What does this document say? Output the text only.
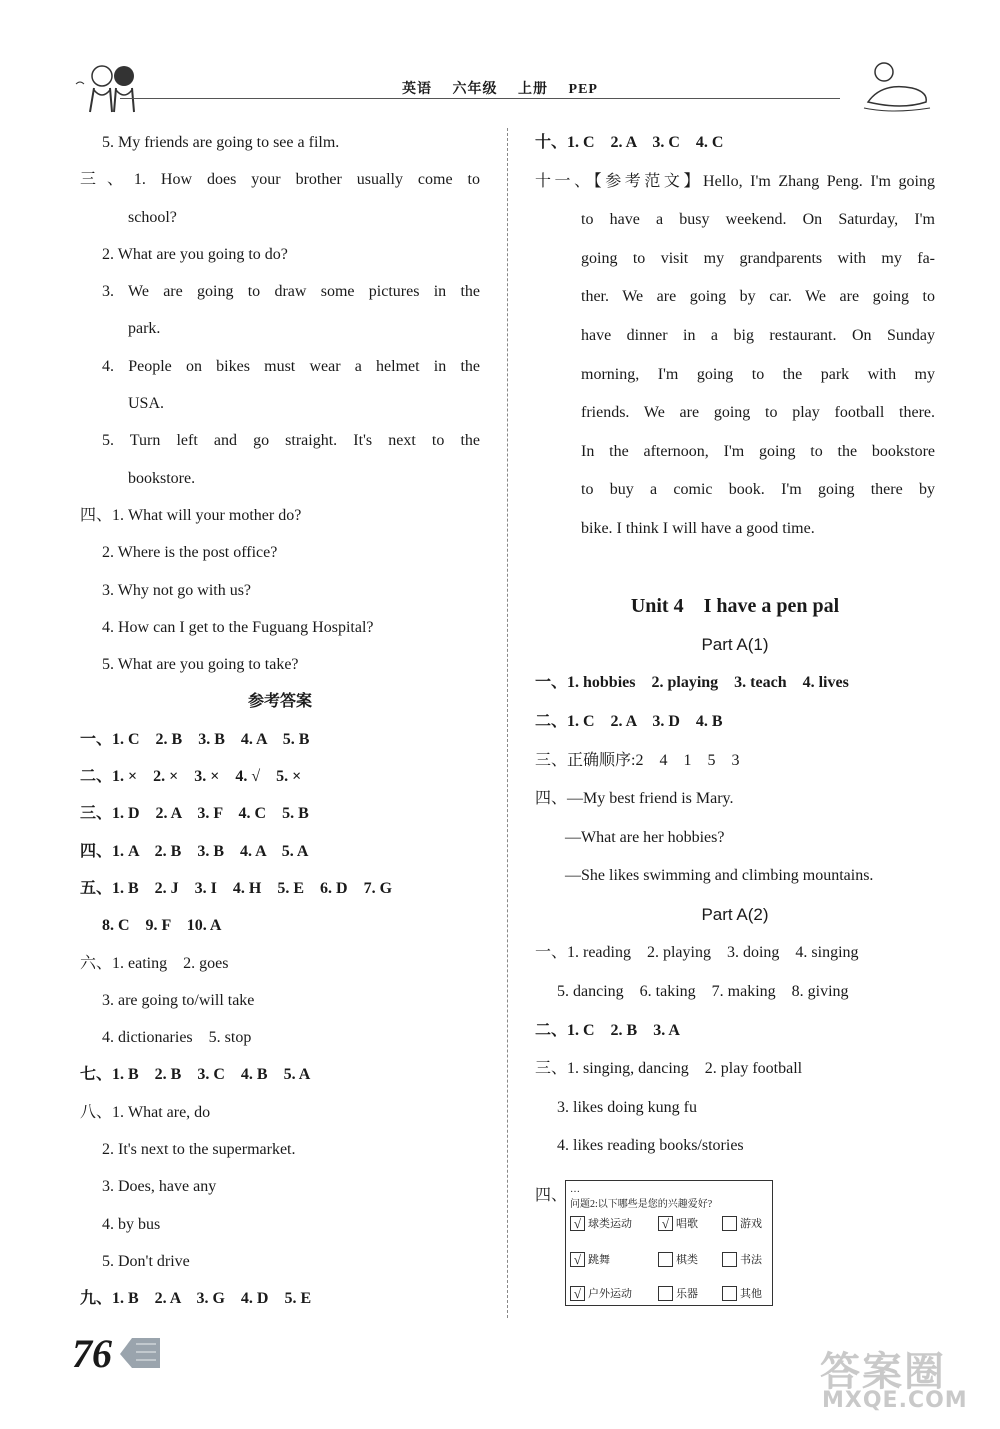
英语 六年级 上册 PEP
5. My friends are going to see a film.
三、1. How does your brother usually come to
school?
2. What are you going to do?
3. We are going to draw some pictures in the
park.
4. People on bikes must wear a helmet in the
USA.
5. Turn left and go straight. It's next to the
bookstore.
四、1. What will your mother do?
2. Where is the post office?
3. Why not go with us?
4. How can I get to the Fuguang Hospital?
5. What are you going to take?
参考答案
一、1. C　2. B　3. B　4. A　5. B
二、1. ×　2. ×　3. ×　4. √　5. ×
三、1. D　2. A　3. F　4. C　5. B
四、1. A　2. B　3. B　4. A　5. A
五、1. B　2. J　3. I　4. H　5. E　6. D　7. G
8. C　9. F　10. A
六、1. eating　2. goes
3. are going to/will take
4. dictionaries　5. stop
七、1. B　2. B　3. C　4. B　5. A
八、1. What are, do
2. It's next to the supermarket.
3. Does, have any
4. by bus
5. Don't drive
九、1. B　2. A　3. G　4. D　5. E
十、1. C　2. A　3. C　4. C
十一、【参考范文】Hello, I'm Zhang Peng. I'm going
to have a busy weekend. On Saturday, I'm
going to visit my grandparents with my fa-
ther. We are going by car. We are going to
have dinner in a big restaurant. On Sunday
morning, I'm going to the park with my
friends. We are going to play football there.
In the afternoon, I'm going to the bookstore
to buy a comic book. I'm going there by
bike. I think I will have a good time.
Unit 4　I have a pen pal
Part A(1)
一、1. hobbies　2. playing　3. teach　4. lives
二、1. C　2. A　3. D　4. B
三、正确顺序:2　4　1　5　3
四、—My best friend is Mary.
—What are her hobbies?
—She likes swimming and climbing mountains.
Part A(2)
一、1. reading　2. playing　3. doing　4. singing
5. dancing　6. taking　7. making　8. giving
二、1. C　2. B　3. A
三、1. singing, dancing　2. play football
3. likes doing kung fu
4. likes reading books/stories
四、 …
问题2:以下哪些是您的兴趣爱好?
√ 球类运动	√ 唱歌	游戏
√ 跳舞	棋类	书法
√ 户外运动	乐器	其他
76	答案圈
MXQE.COM
